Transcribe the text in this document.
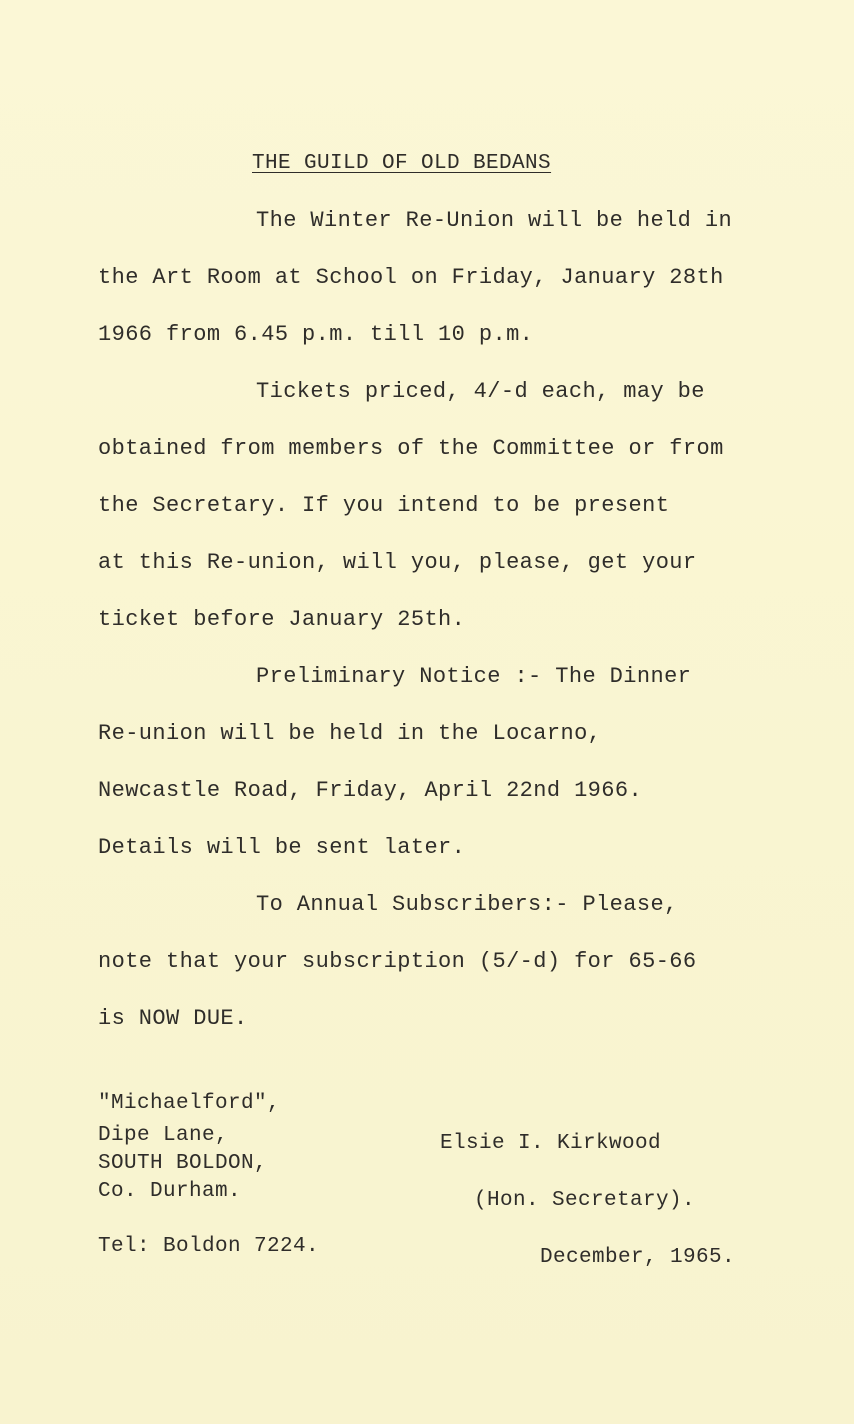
THE GUILD OF OLD BEDANS
The Winter Re-Union will be held in
the Art Room at School on Friday, January 28th
1966 from 6.45 p.m. till 10 p.m.
Tickets priced, 4/-d each, may be
obtained from members of the Committee or from
the Secretary. If you intend to be present
at this Re-union, will you, please, get your
ticket before January 25th.
Preliminary Notice :- The Dinner
Re-union will be held in the Locarno,
Newcastle Road, Friday, April 22nd 1966.
Details will be sent later.
To Annual Subscribers:- Please,
note that your subscription (5/-d) for 65-66
is NOW DUE.
"Michaelford",
Dipe Lane,
SOUTH BOLDON,
Co. Durham.
Tel: Boldon 7224.
Elsie I. Kirkwood
(Hon. Secretary).
December, 1965.
